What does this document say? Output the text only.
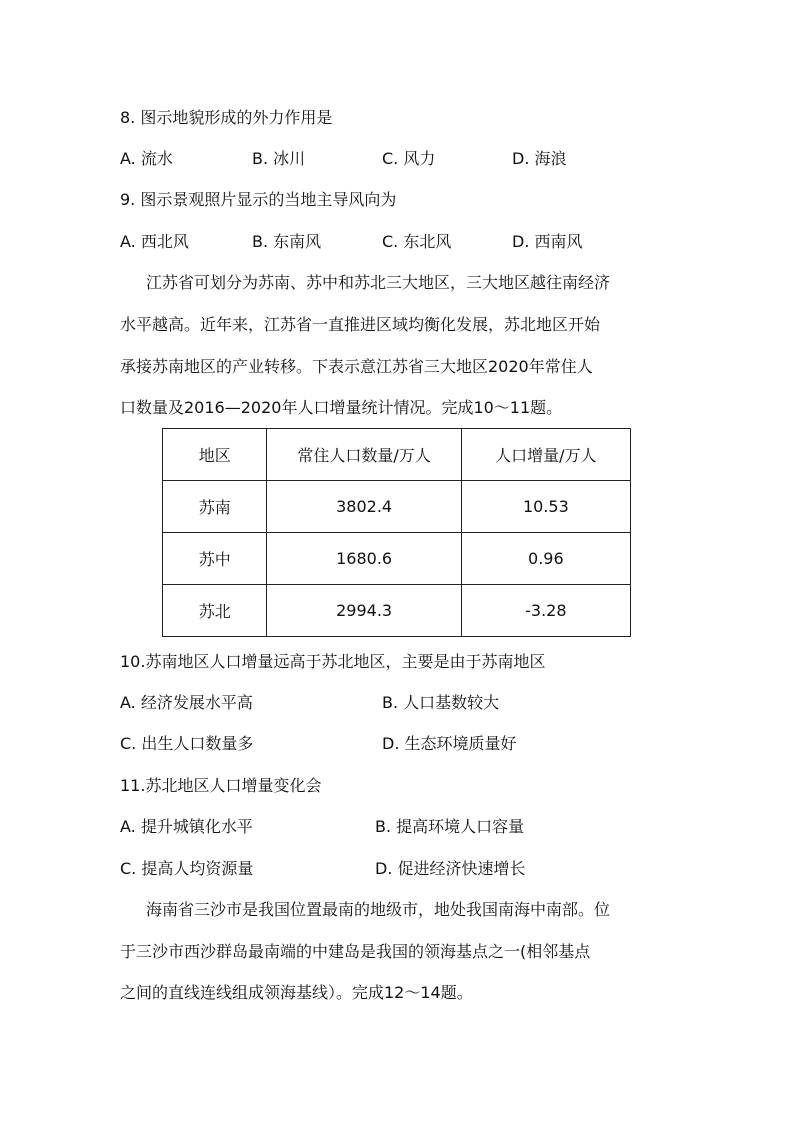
8. 图示地貌形成的外力作用是
A. 流水	B. 冰川	C. 风力	D. 海浪
9. 图示景观照片显示的当地主导风向为
A. 西北风	B. 东南风	C. 东北风	D. 西南风
江苏省可划分为苏南、苏中和苏北三大地区，三大地区越往南经济
水平越高。近年来，江苏省一直推进区域均衡化发展，苏北地区开始
承接苏南地区的产业转移。下表示意江苏省三大地区2020年常住人
口数量及2016—2020年人口增量统计情况。完成10～11题。
地区	常住人口数量/万人	人口增量/万人
苏南	3802.4	10.53
苏中	1680.6	0.96
苏北	2994.3	-3.28
10.苏南地区人口增量远高于苏北地区，主要是由于苏南地区
A. 经济发展水平高	B. 人口基数较大
C. 出生人口数量多	D. 生态环境质量好
11.苏北地区人口增量变化会
A. 提升城镇化水平	B. 提高环境人口容量
C. 提高人均资源量	D. 促进经济快速增长
海南省三沙市是我国位置最南的地级市，地处我国南海中南部。位
于三沙市西沙群岛最南端的中建岛是我国的领海基点之一(相邻基点
之间的直线连线组成领海基线）。完成12～14题。
